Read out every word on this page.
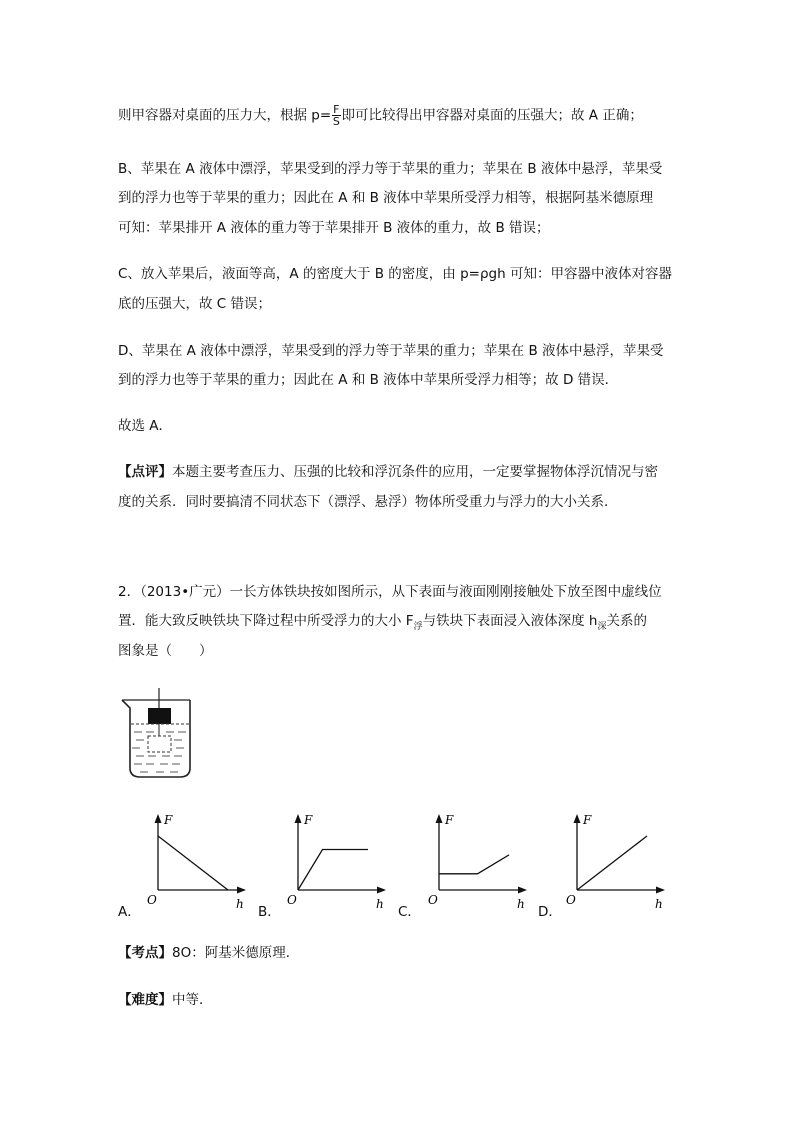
则甲容器对桌面的压力大，根据 $p= \frac{F}{S}$ 即可比较得出甲容器对桌面的压强大；故 A 正确；
B、苹果在 A 液体中漂浮，苹果受到的浮力等于苹果的重力；苹果在 B 液体中悬浮，苹果受
到的浮力也等于苹果的重力；因此在 A 和 B 液体中苹果所受浮力相等，根据阿基米德原理
可知：苹果排开 A 液体的重力等于苹果排开 B 液体的重力，故 B 错误；
C、放入苹果后，液面等高，A 的密度大于 B 的密度，由 p=ρgh 可知：甲容器中液体对容器
底的压强大，故 C 错误；
D、苹果在 A 液体中漂浮，苹果受到的浮力等于苹果的重力；苹果在 B 液体中悬浮，苹果受
到的浮力也等于苹果的重力；因此在 A 和 B 液体中苹果所受浮力相等；故 D 错误．
故选 A．
【点评】本题主要考查压力、压强的比较和浮沉条件的应用，一定要掌握物体浮沉情况与密
度的关系．同时要搞清不同状态下（漂浮、悬浮）物体所受重力与浮力的大小关系．
2．（2013•广元）一长方体铁块按如图所示，从下表面与液面刚刚接触处下放至图中虚线位
置．能大致反映铁块下降过程中所受浮力的大小 $F_浮$与铁块下表面浸入液体深度 $h_深$关系的
图象是（　　）
F
h
O
F
h
O
F
h
O
F
h
O
A．	B．	C．	D．
【考点】8O：阿基米德原理．
【难度】中等．
